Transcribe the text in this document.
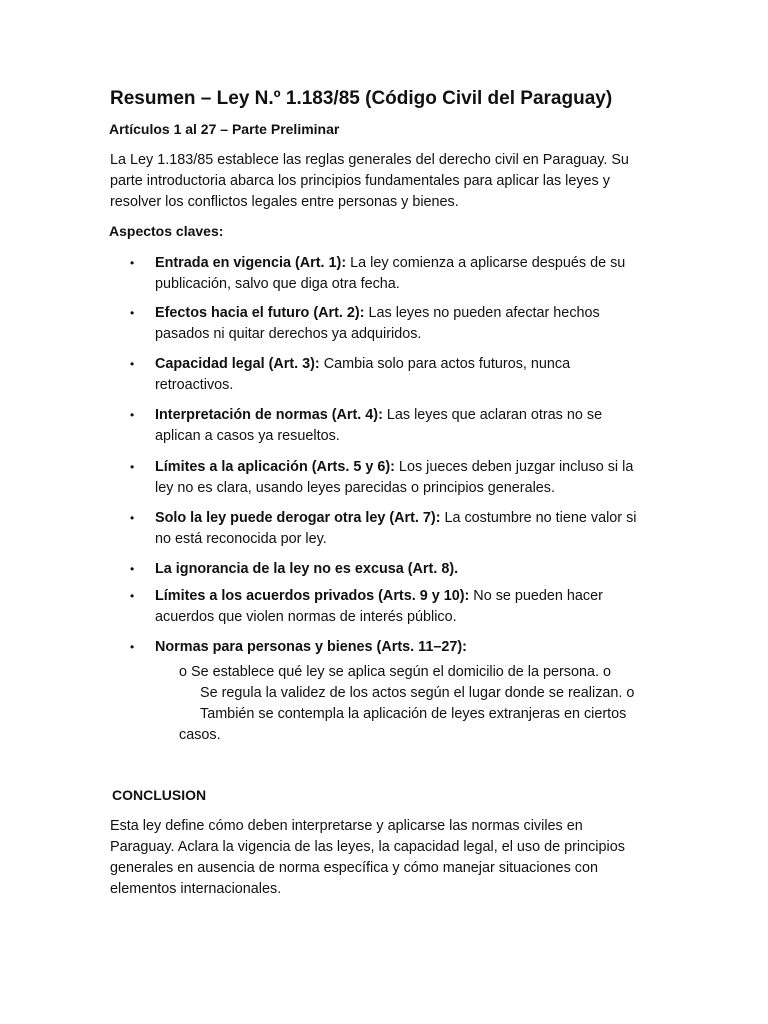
Resumen – Ley N.º 1.183/85 (Código Civil del Paraguay)
Artículos 1 al 27 – Parte Preliminar

La Ley 1.183/85 establece las reglas generales del derecho civil en Paraguay. Su
parte introductoria abarca los principios fundamentales para aplicar las leyes y
resolver los conflictos legales entre personas y bienes.

Aspectos claves:
• Entrada en vigencia (Art. 1): La ley comienza a aplicarse después de su
publicación, salvo que diga otra fecha.
• Efectos hacia el futuro (Art. 2): Las leyes no pueden afectar hechos
pasados ni quitar derechos ya adquiridos.
• Capacidad legal (Art. 3): Cambia solo para actos futuros, nunca
retroactivos.
• Interpretación de normas (Art. 4): Las leyes que aclaran otras no se
aplican a casos ya resueltos.
• Límites a la aplicación (Arts. 5 y 6): Los jueces deben juzgar incluso si la
ley no es clara, usando leyes parecidas o principios generales.
• Solo la ley puede derogar otra ley (Art. 7): La costumbre no tiene valor si
no está reconocida por ley.
• La ignorancia de la ley no es excusa (Art. 8).
• Límites a los acuerdos privados (Arts. 9 y 10): No se pueden hacer
acuerdos que violen normas de interés público.
• Normas para personas y bienes (Arts. 11–27):

o Se establece qué ley se aplica según el domicilio de la persona. o
Se regula la validez de los actos según el lugar donde se realizan. o
También se contempla la aplicación de leyes extranjeras en ciertos
casos.

CONCLUSION

Esta ley define cómo deben interpretarse y aplicarse las normas civiles en
Paraguay. Aclara la vigencia de las leyes, la capacidad legal, el uso de principios
generales en ausencia de norma específica y cómo manejar situaciones con
elementos internacionales.
